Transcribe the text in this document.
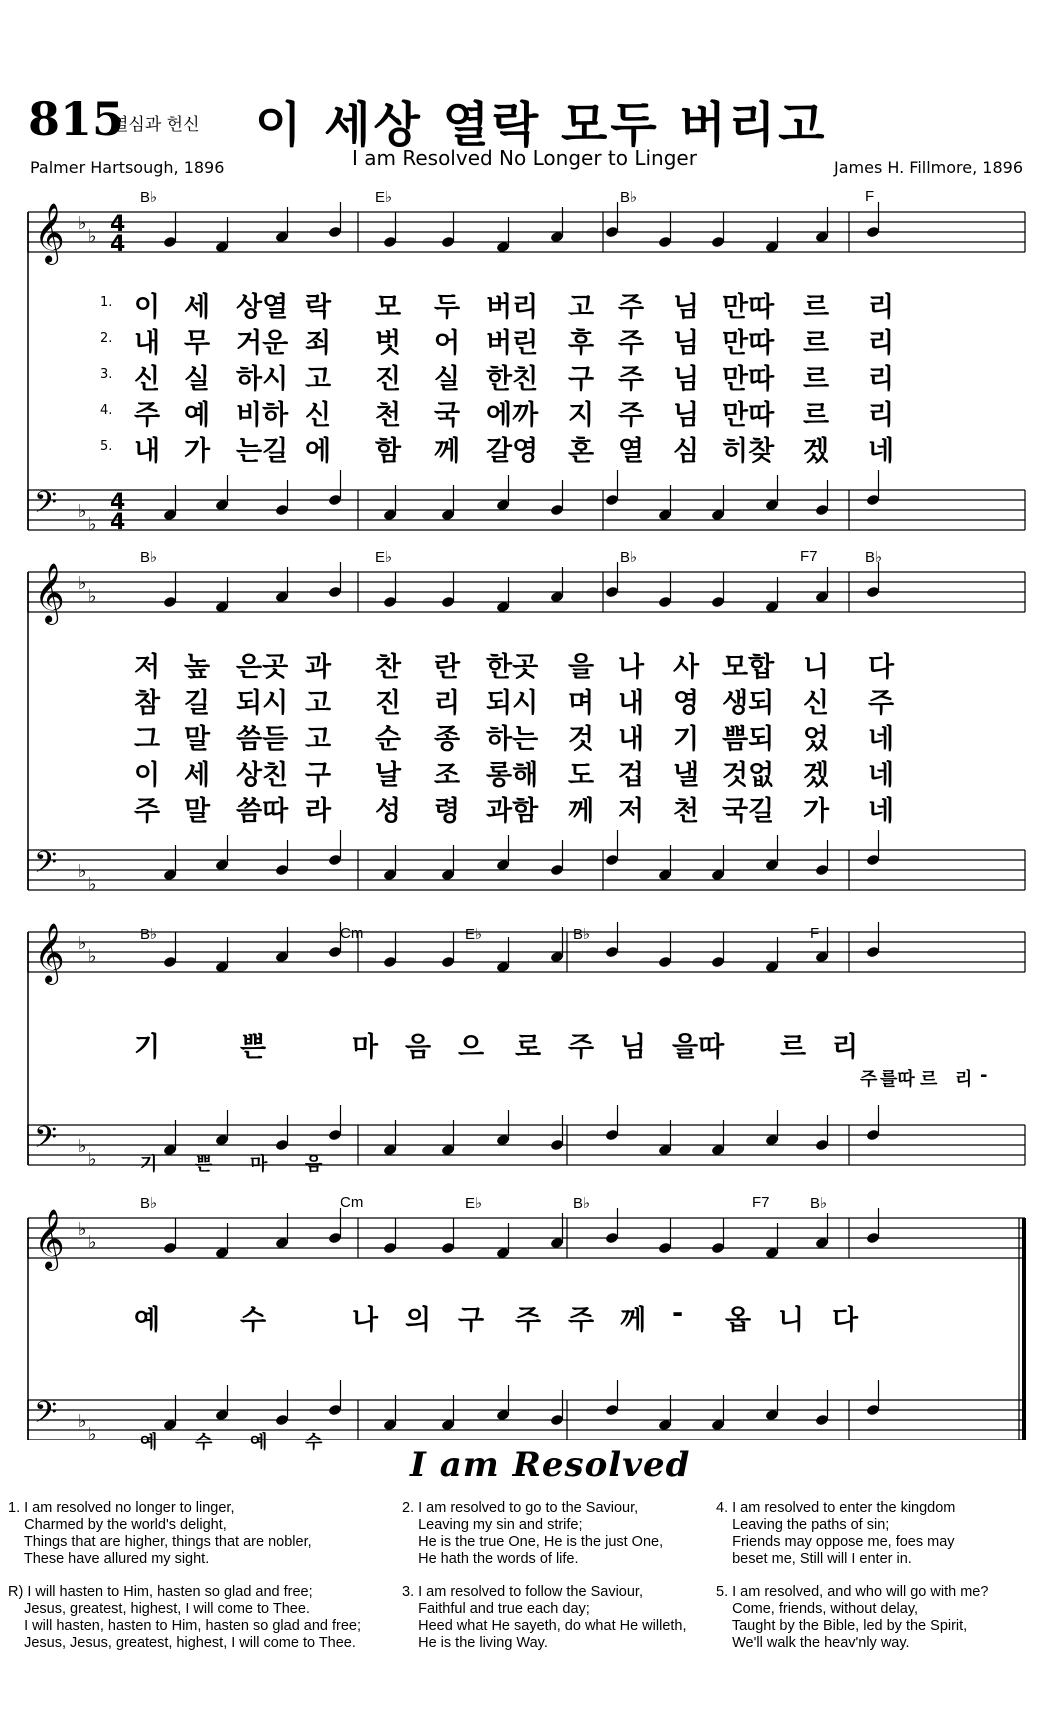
815
열심과 헌신 이 세상 열락 모두 버리고
I am Resolved No Longer to Linger
Palmer Hartsough, 1896	James H. Fillmore, 1896
𝄞
𝄢
♭
♭
♭
♭
𝄞
𝄢
♭
♭
♭
♭
𝄞
𝄢
♭
♭
♭
♭
𝄞
𝄢
♭
♭
♭
♭
4
4
4
4
B♭	E♭	B♭	F
B♭	E♭	B♭	F7	B♭
B♭	Cm	E♭	B♭	F
B♭	Cm	E♭	B♭	F7	B♭
1. 이 세 상열 락 모 두 버리 고 주 님 만따 르 리
2. 내 무 거운 죄 벗 어 버린 후 주 님 만따 르 리
3. 신 실 하시 고 진 실 한친 구 주 님 만따 르 리
4. 주 예 비하 신 천 국 에까 지 주 님 만따 르 리
5. 내 가 는길 에 함 께 갈영 혼 열 심 히찾 겠 네
저 높 은곳 과 찬 란 한곳 을 나 사 모합 니 다
참 길 되시 고 진 리 되시 며 내 영 생되 신 주
그 말 씀듣 고 순 종 하는 것 내 기 쁨되 었 네
이 세 상친 구 날 조 롱해 도 겁 낼 것없 겠 네
주 말 씀따 라 성 령 과함 께 저 천 국길 가 네
기	쁜	마 음 으 로 주 님 을따 르 리
주 를따 르 리 -
기 쁜 마 음
예	수	나 의 구 주 주 께 - 옵 니 다
예 수 예 수
I am Resolved
1. I am resolved no longer to linger,
Charmed by the world's delight,
Things that are higher, things that are nobler,
These have allured my sight.
R) I will hasten to Him, hasten so glad and free;
Jesus, greatest, highest, I will come to Thee.
I will hasten, hasten to Him, hasten so glad and free;
Jesus, Jesus, greatest, highest, I will come to Thee.
2. I am resolved to go to the Saviour,
Leaving my sin and strife;
He is the true One, He is the just One,
He hath the words of life.
3. I am resolved to follow the Saviour,
Faithful and true each day;
Heed what He sayeth, do what He willeth,
He is the living Way.
4. I am resolved to enter the kingdom
Leaving the paths of sin;
Friends may oppose me, foes may
beset me, Still will I enter in.
5. I am resolved, and who will go with me?
Come, friends, without delay,
Taught by the Bible, led by the Spirit,
We'll walk the heav'nly way.
